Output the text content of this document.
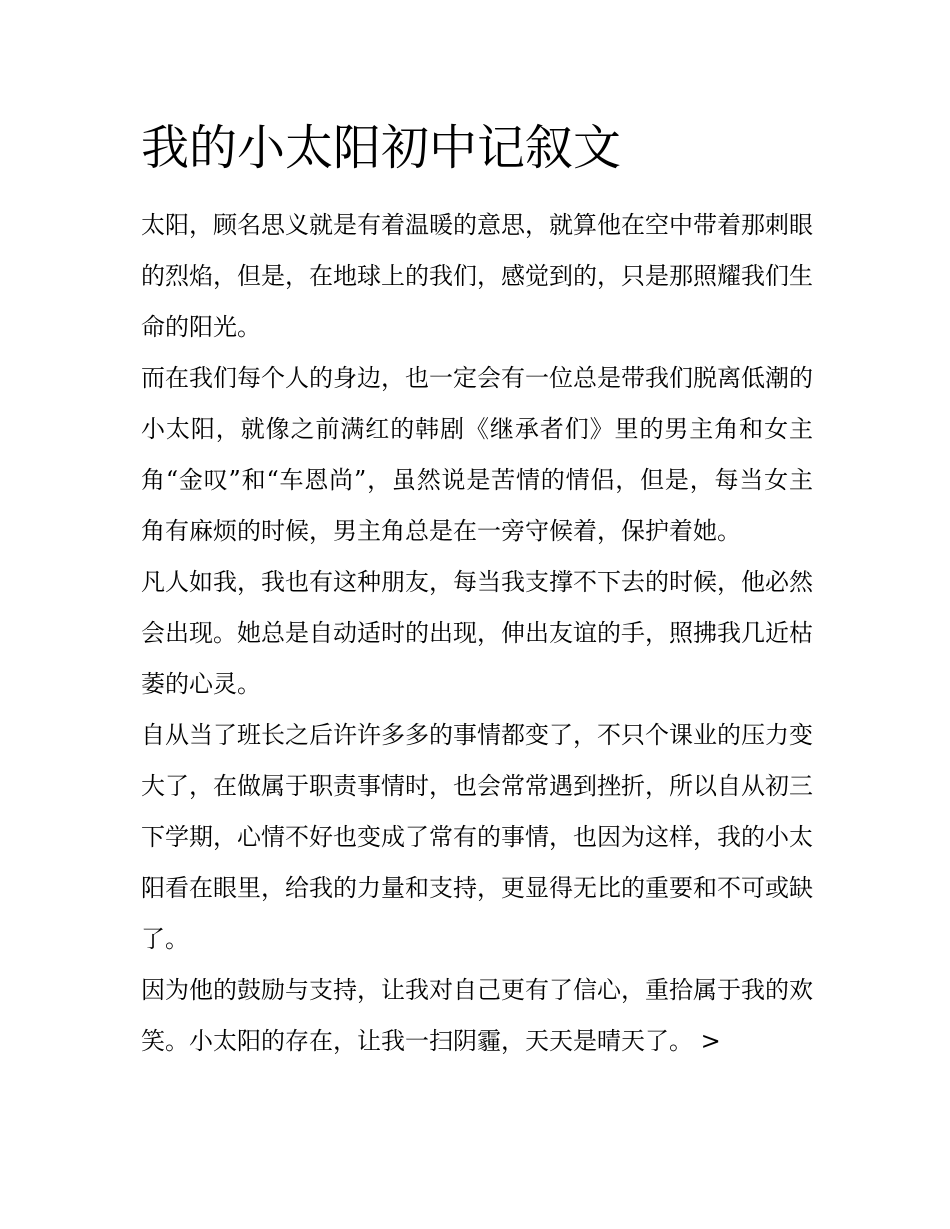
我的小太阳初中记叙文

太阳，顾名思义就是有着温暖的意思，就算他在空中带着那刺眼的烈焰，但是，在地球上的我们，感觉到的，只是那照耀我们生命的阳光。

而在我们每个人的身边，也一定会有一位总是带我们脱离低潮的小太阳，就像之前满红的韩剧《继承者们》里的男主角和女主角“金叹”和“车恩尚”，虽然说是苦情的情侣，但是，每当女主角有麻烦的时候，男主角总是在一旁守候着，保护着她。

凡人如我，我也有这种朋友，每当我支撑不下去的时候，他必然会出现。她总是自动适时的出现，伸出友谊的手，照拂我几近枯萎的心灵。

自从当了班长之后许许多多的事情都变了，不只个课业的压力变大了，在做属于职责事情时，也会常常遇到挫折，所以自从初三下学期，心情不好也变成了常有的事情，也因为这样，我的小太阳看在眼里，给我的力量和支持，更显得无比的重要和不可或缺了。

因为他的鼓励与支持，让我对自己更有了信心，重拾属于我的欢笑。小太阳的存在，让我一扫阴霾，天天是晴天了。 >
